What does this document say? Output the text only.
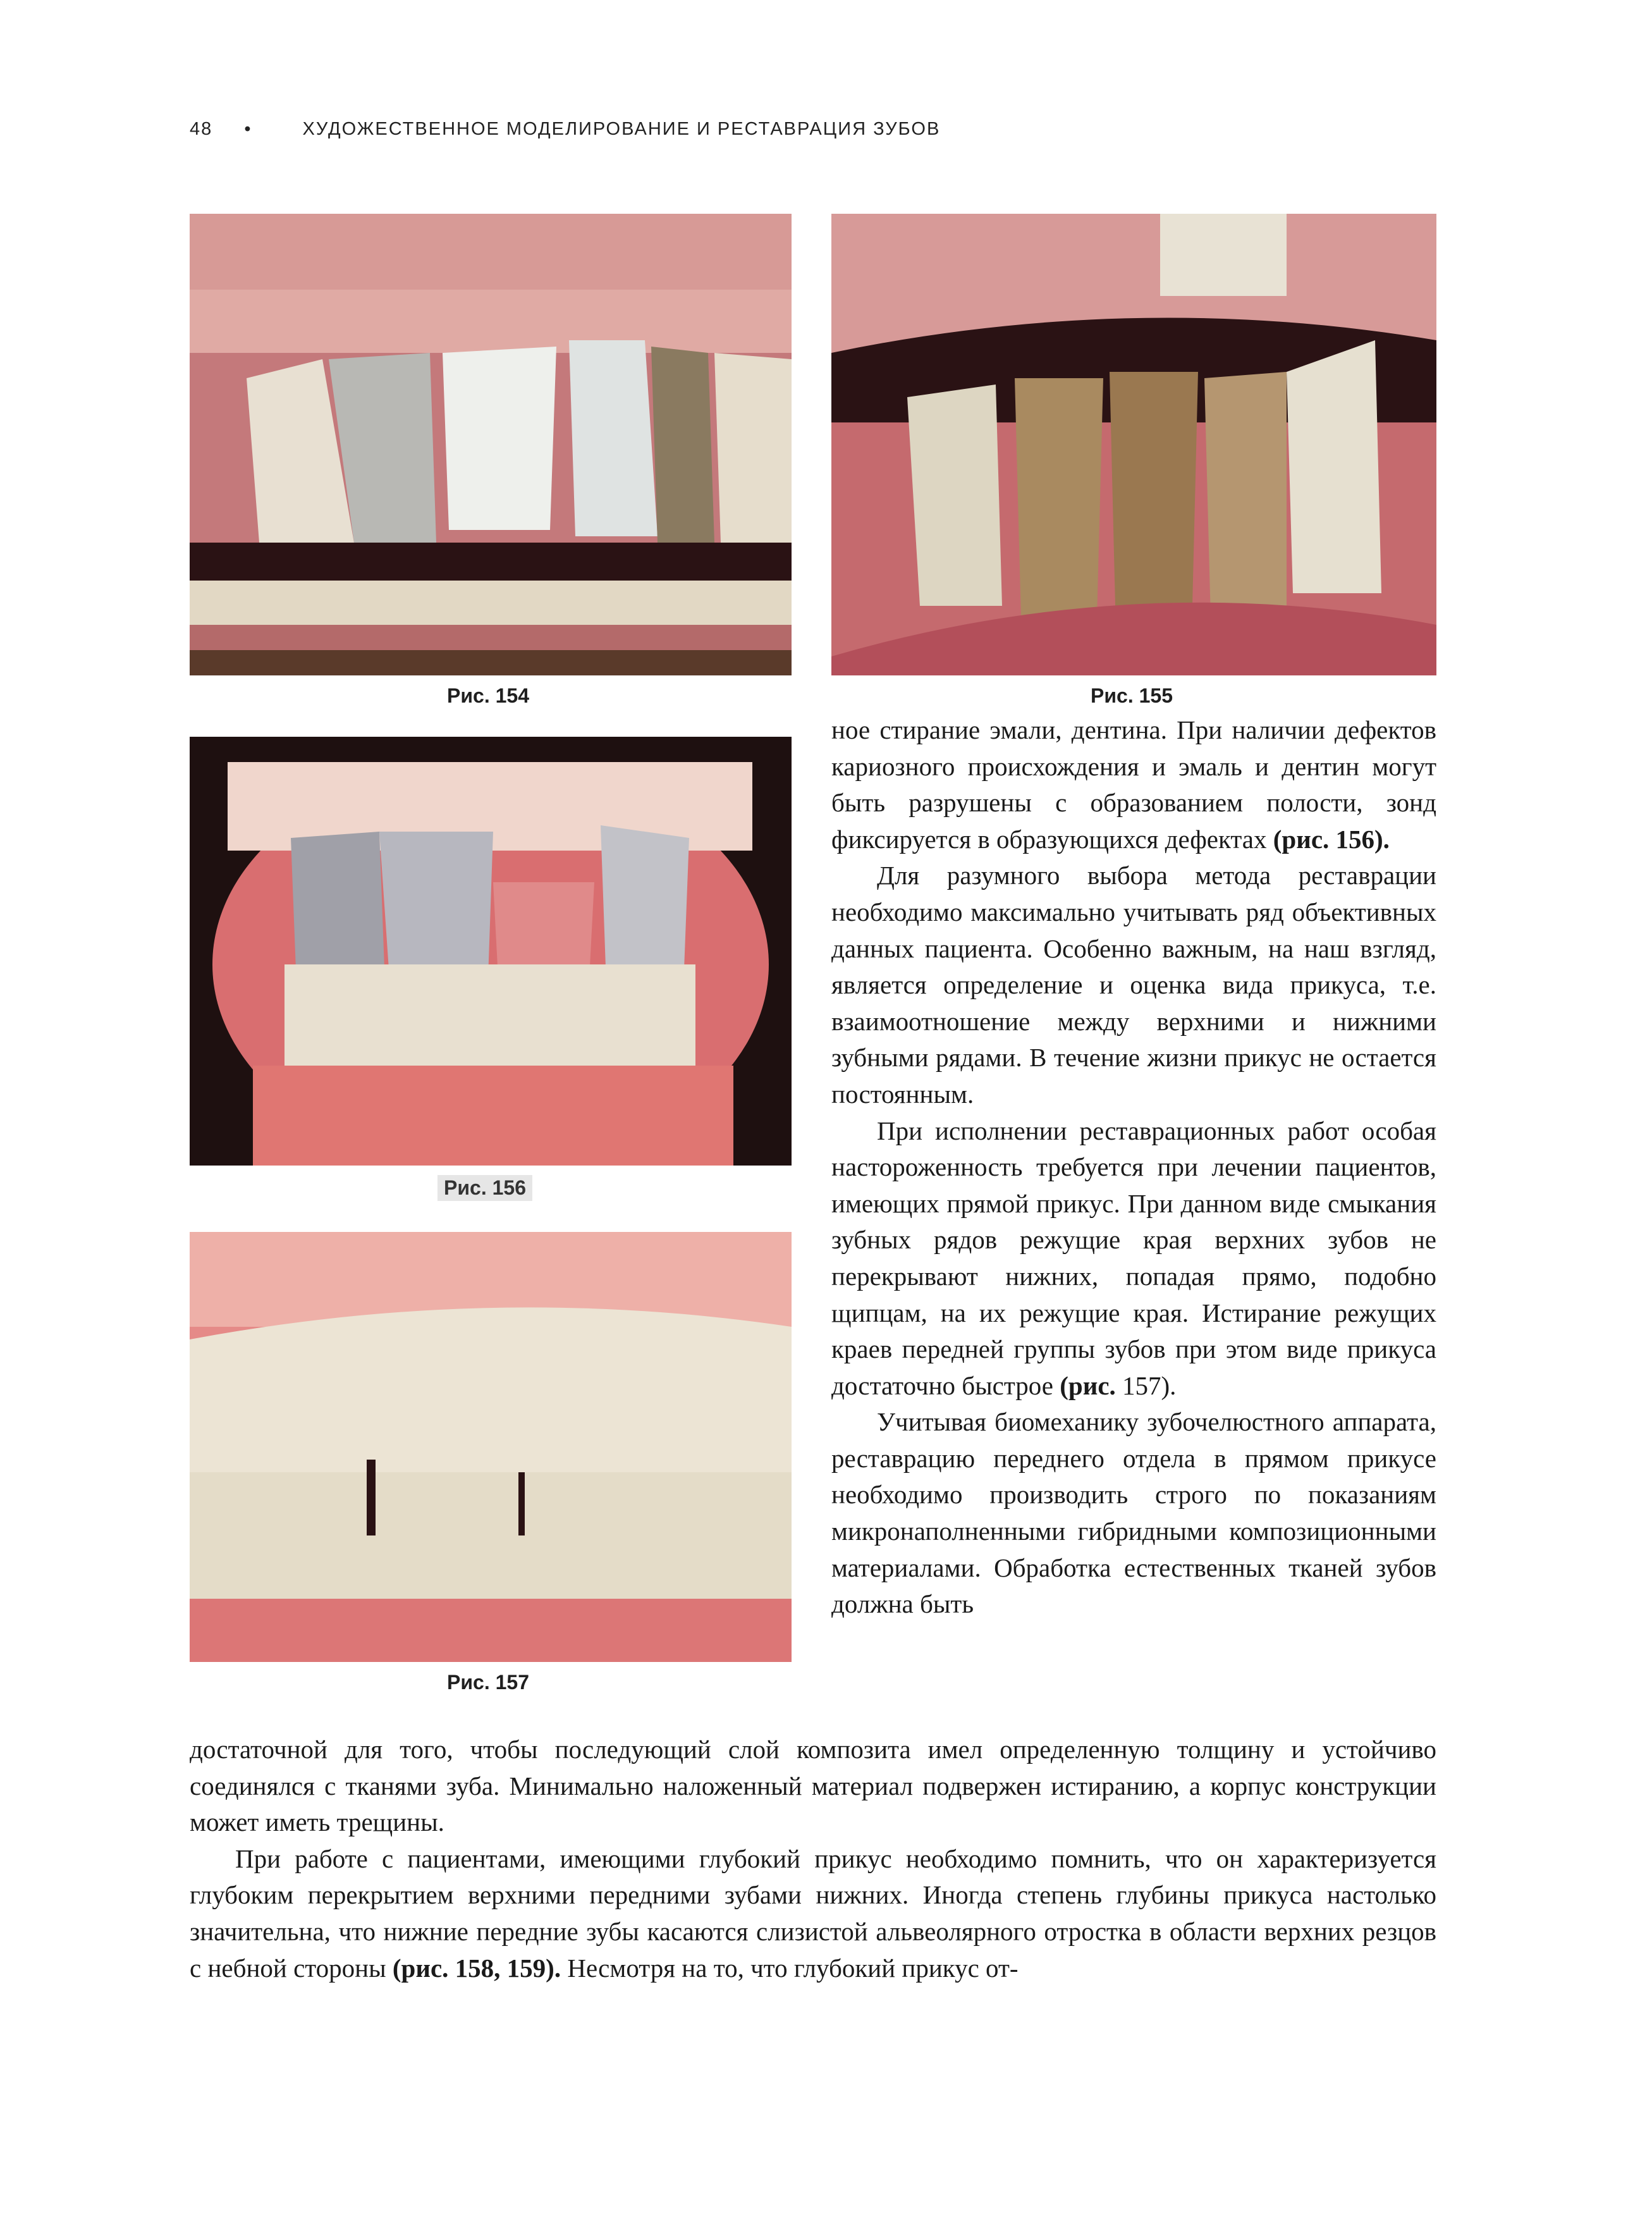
48 •	ХУДОЖЕСТВЕННОЕ МОДЕЛИРОВАНИЕ И РЕСТАВРАЦИЯ ЗУБОВ
Рис. 154	Рис. 155
Рис. 156
Рис. 157

ное стирание эмали, дентина. При наличии дефектов кариозного происхождения и эмаль и дентин могут быть разрушены с образованием полости, зонд фиксируется в образующихся дефектах (рис. 156).

Для разумного выбора метода реставрации необходимо максимально учитывать ряд объективных данных пациента. Особенно важным, на наш взгляд, является определение и оценка вида прикуса, т.е. взаимоотношение между верхними и нижними зубными рядами. В течение жизни прикус не остается постоянным.

При исполнении реставрационных работ особая настороженность требуется при лечении пациентов, имеющих прямой прикус. При данном виде смыкания зубных рядов режущие края верхних зубов не перекрывают нижних, попадая прямо, подобно щипцам, на их режущие края. Истирание режущих краев передней группы зубов при этом виде прикуса достаточно быстрое (рис. 157).

Учитывая биомеханику зубочелюстного аппарата, реставрацию переднего отдела в прямом прикусе необходимо производить строго по показаниям микронаполненными гибридными композиционными материалами. Обработка естественных тканей зубов должна быть

достаточной для того, чтобы последующий слой композита имел определенную толщину и устойчиво соединялся с тканями зуба. Минимально наложенный материал подвержен истиранию, а корпус конструкции может иметь трещины.

При работе с пациентами, имеющими глубокий прикус необходимо помнить, что он характеризуется глубоким перекрытием верхними передними зубами нижних. Иногда степень глубины прикуса настолько значительна, что нижние передние зубы касаются слизистой альвеолярного отростка в области верхних резцов с небной стороны (рис. 158, 159). Несмотря на то, что глубокий прикус от-
